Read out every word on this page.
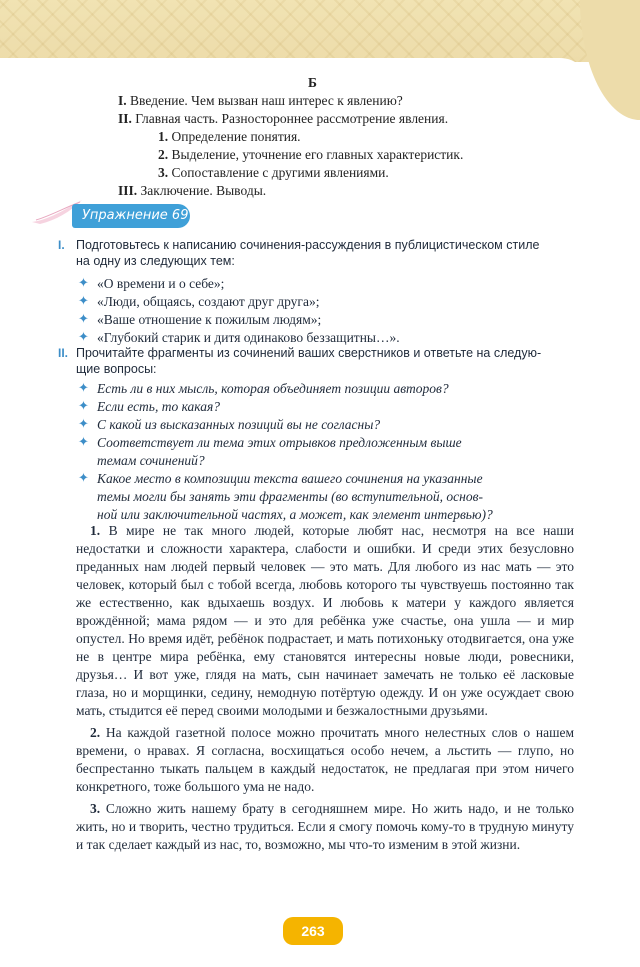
Б
I. Введение. Чем вызван наш интерес к явлению?
II. Главная часть. Разностороннее рассмотрение явления.
1. Определение понятия.
2. Выделение, уточнение его главных характеристик.
3. Сопоставление с другими явлениями.
III. Заключение. Выводы.
Упражнение 69
I. Подготовьтесь к написанию сочинения-рассуждения в публицистическом стиле
на одну из следующих тем:
✦ «О времени и о себе»;
✦ «Люди, общаясь, создают друг друга»;
✦ «Ваше отношение к пожилым людям»;
✦ «Глубокий старик и дитя одинаково беззащитны…».
II. Прочитайте фрагменты из сочинений ваших сверстников и ответьте на следую-
щие вопросы:
✦ Есть ли в них мысль, которая объединяет позиции авторов?
✦ Если есть, то какая?
✦ С какой из высказанных позиций вы не согласны?
✦ Соответствует ли тема этих отрывков предложенным выше
темам сочинений?
✦ Какое место в композиции текста вашего сочинения на указанные
темы могли бы занять эти фрагменты (во вступительной, основ-
ной или заключительной частях, а может, как элемент интервью)?

1. В мире не так много людей, которые любят нас, несмотря на все наши недостатки и сложности характера, слабости и ошибки. И среди этих безусловно преданных нам людей первый человек — это мать. Для любого из нас мать — это человек, который был с тобой всегда, любовь которого ты чувствуешь постоянно так же естественно, как вдыхаешь воздух. И любовь к матери у каждого является врождённой; мама рядом — и это для ребёнка уже счастье, она ушла — и мир опустел. Но время идёт, ребёнок подрастает, и мать потихоньку отодвигается, она уже не в центре мира ребёнка, ему становятся интересны новые люди, ровесники, друзья… И вот уже, глядя на мать, сын начинает замечать не только её ласковые глаза, но и морщинки, седину, немодную потёртую одежду. И он уже осуждает свою мать, стыдится её перед своими молодыми и безжалостными друзьями.

2. На каждой газетной полосе можно прочитать много нелестных слов о нашем времени, о нравах. Я согласна, восхищаться особо нечем, а льстить — глупо, но беспрестанно тыкать пальцем в каждый недостаток, не предлагая при этом ничего конкретного, тоже большого ума не надо.

3. Сложно жить нашему брату в сегодняшнем мире. Но жить надо, и не только жить, но и творить, честно трудиться. Если я смогу помочь кому-то в трудную минуту и так сделает каждый из нас, то, возможно, мы что-то изменим в этой жизни.

263
